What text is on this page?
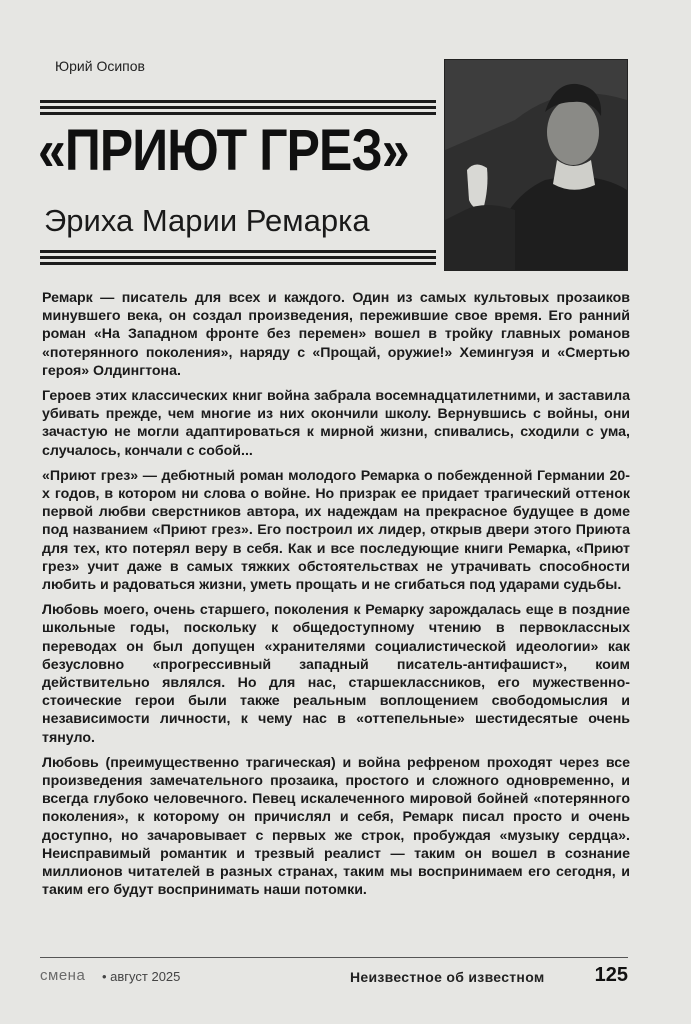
Юрий Осипов
«ПРИЮТ ГРЕЗ»
Эриха Марии Ремарка

Ремарк — писатель для всех и каждого. Один из самых культовых прозаиков минувшего века, он создал произведения, пережившие свое время. Его ранний роман «На Западном фронте без перемен» вошел в тройку главных романов «потерянного поколения», наряду с «Прощай, оружие!» Хемингуэя и «Смертью героя» Олдингтона.

Героев этих классических книг война забрала восемнадцатилетними, и заставила убивать прежде, чем многие из них окончили школу. Вернувшись с войны, они зачастую не могли адаптироваться к мирной жизни, спивались, сходили с ума, случалось, кончали с собой...

«Приют грез» — дебютный роман молодого Ремарка о побежденной Германии 20-х годов, в котором ни слова о войне. Но призрак ее придает трагический оттенок первой любви сверстников автора, их надеждам на прекрасное будущее в доме под названием «Приют грез». Его построил их лидер, открыв двери этого Приюта для тех, кто потерял веру в себя. Как и все последующие книги Ремарка, «Приют грез» учит даже в самых тяжких обстоятельствах не утрачивать способности любить и радоваться жизни, уметь прощать и не сгибаться под ударами судьбы.

Любовь моего, очень старшего, поколения к Ремарку зарождалась еще в поздние школьные годы, поскольку к общедоступному чтению в первоклассных переводах он был допущен «хранителями социалистической идеологии» как безусловно «прогрессивный западный писатель-антифашист», коим действительно являлся. Но для нас, старшеклассников, его мужественно-стоические герои были также реальным воплощением свободомыслия и независимости личности, к чему нас в «оттепельные» шестидесятые очень тянуло.

Любовь (преимущественно трагическая) и война рефреном проходят через все произведения замечательного прозаика, простого и сложного одновременно, и всегда глубоко человечного. Певец искалеченного мировой бойней «потерянного поколения», к которому он причислял и себя, Ремарк писал просто и очень доступно, но зачаровывает с первых же строк, пробуждая «музыку сердца». Неисправимый романтик и трезвый реалист — таким он вошел в сознание миллионов читателей в разных странах, таким мы воспринимаем его сегодня, и таким его будут воспринимать наши потомки.

смена • август 2025	Неизвестное об известном	125
